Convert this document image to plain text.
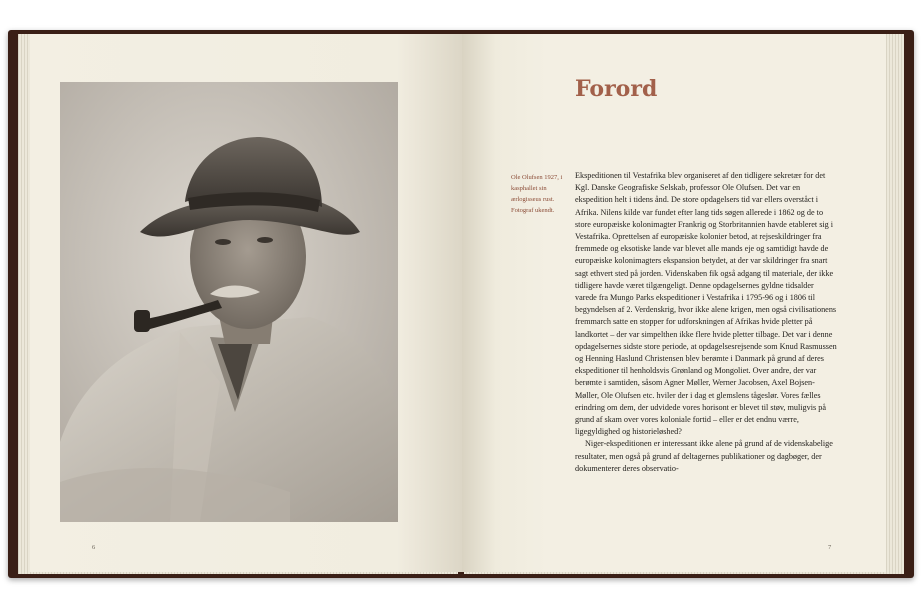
Ole Olufsen 1927, i kasphallet sin ærlogisseus rust. Fotograf ukendt.
Forord

Ekspeditionen til Vestafrika blev organiseret af den tidligere sekretær for det Kgl. Danske Geografiske Selskab, professor Ole Olufsen. Det var en ekspedition helt i tidens ånd. De store opdagelsers tid var ellers overståct i Afrika. Nilens kilde var fundet efter lang tids søgen allerede i 1862 og de to store europæiske kolonimagter Frankrig og Storbritannien havde etableret sig i Vestafrika. Oprettelsen af europæiske kolonier betod, at rejseskildringer fra fremmede og eksotiske lande var blevet alle mands eje og samtidigt havde de europæiske kolonimagters ekspansion betydet, at der var skildringer fra snart sagt ethvert sted på jorden. Videnskaben fik også adgang til materiale, der ikke tidligere havde været tilgængeligt. Denne opdagelsernes gyldne tidsalder varede fra Mungo Parks ekspeditioner i Vestafrika i 1795-96 og i 1806 til begyndelsen af 2. Verdenskrig, hvor ikke alene krigen, men også civilisationens fremmarch satte en stopper for udforskningen af Afrikas hvide pletter på landkortet – der var simpelthen ikke flere hvide pletter tilbage. Det var i denne opdagelsernes sidste store periode, at opdagelsesrejsende som Knud Rasmussen og Henning Haslund Christensen blev berømte i Danmark på grund af deres ekspeditioner til henholdsvis Grønland og Mongoliet. Over andre, der var berømte i samtiden, såsom Agner Møller, Werner Jacobsen, Axel Bojsen-Møller, Ole Olufsen etc. hviler der i dag et glemslens tågeslør. Vores fælles erindring om dem, der udvidede vores horisont er blevet til støv, muligvis på grund af skam over vores koloniale fortid – eller er det endnu værre, ligegyldighed og historieløshed?

Niger-ekspeditionen er interessant ikke alene på grund af de videnskabelige resultater, men også på grund af deltagernes publikationer og dagbøger, der dokumenterer deres observatio-

6	7
